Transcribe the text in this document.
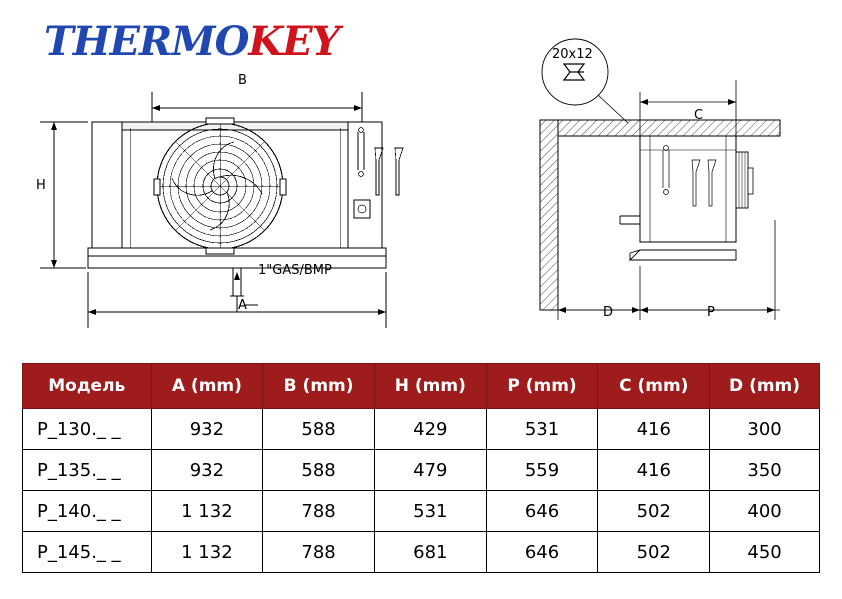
THERMOKEY
B
H
A
1"GAS/BMP
20x12
C
D	P
Модель	A (mm)	B (mm)	H (mm)	P (mm)	C (mm)	D (mm)
P_130._ _	932	588	429	531	416	300
P_135._ _	932	588	479	559	416	350
P_140._ _	1 132	788	531	646	502	400
P_145._ _	1 132	788	681	646	502	450
